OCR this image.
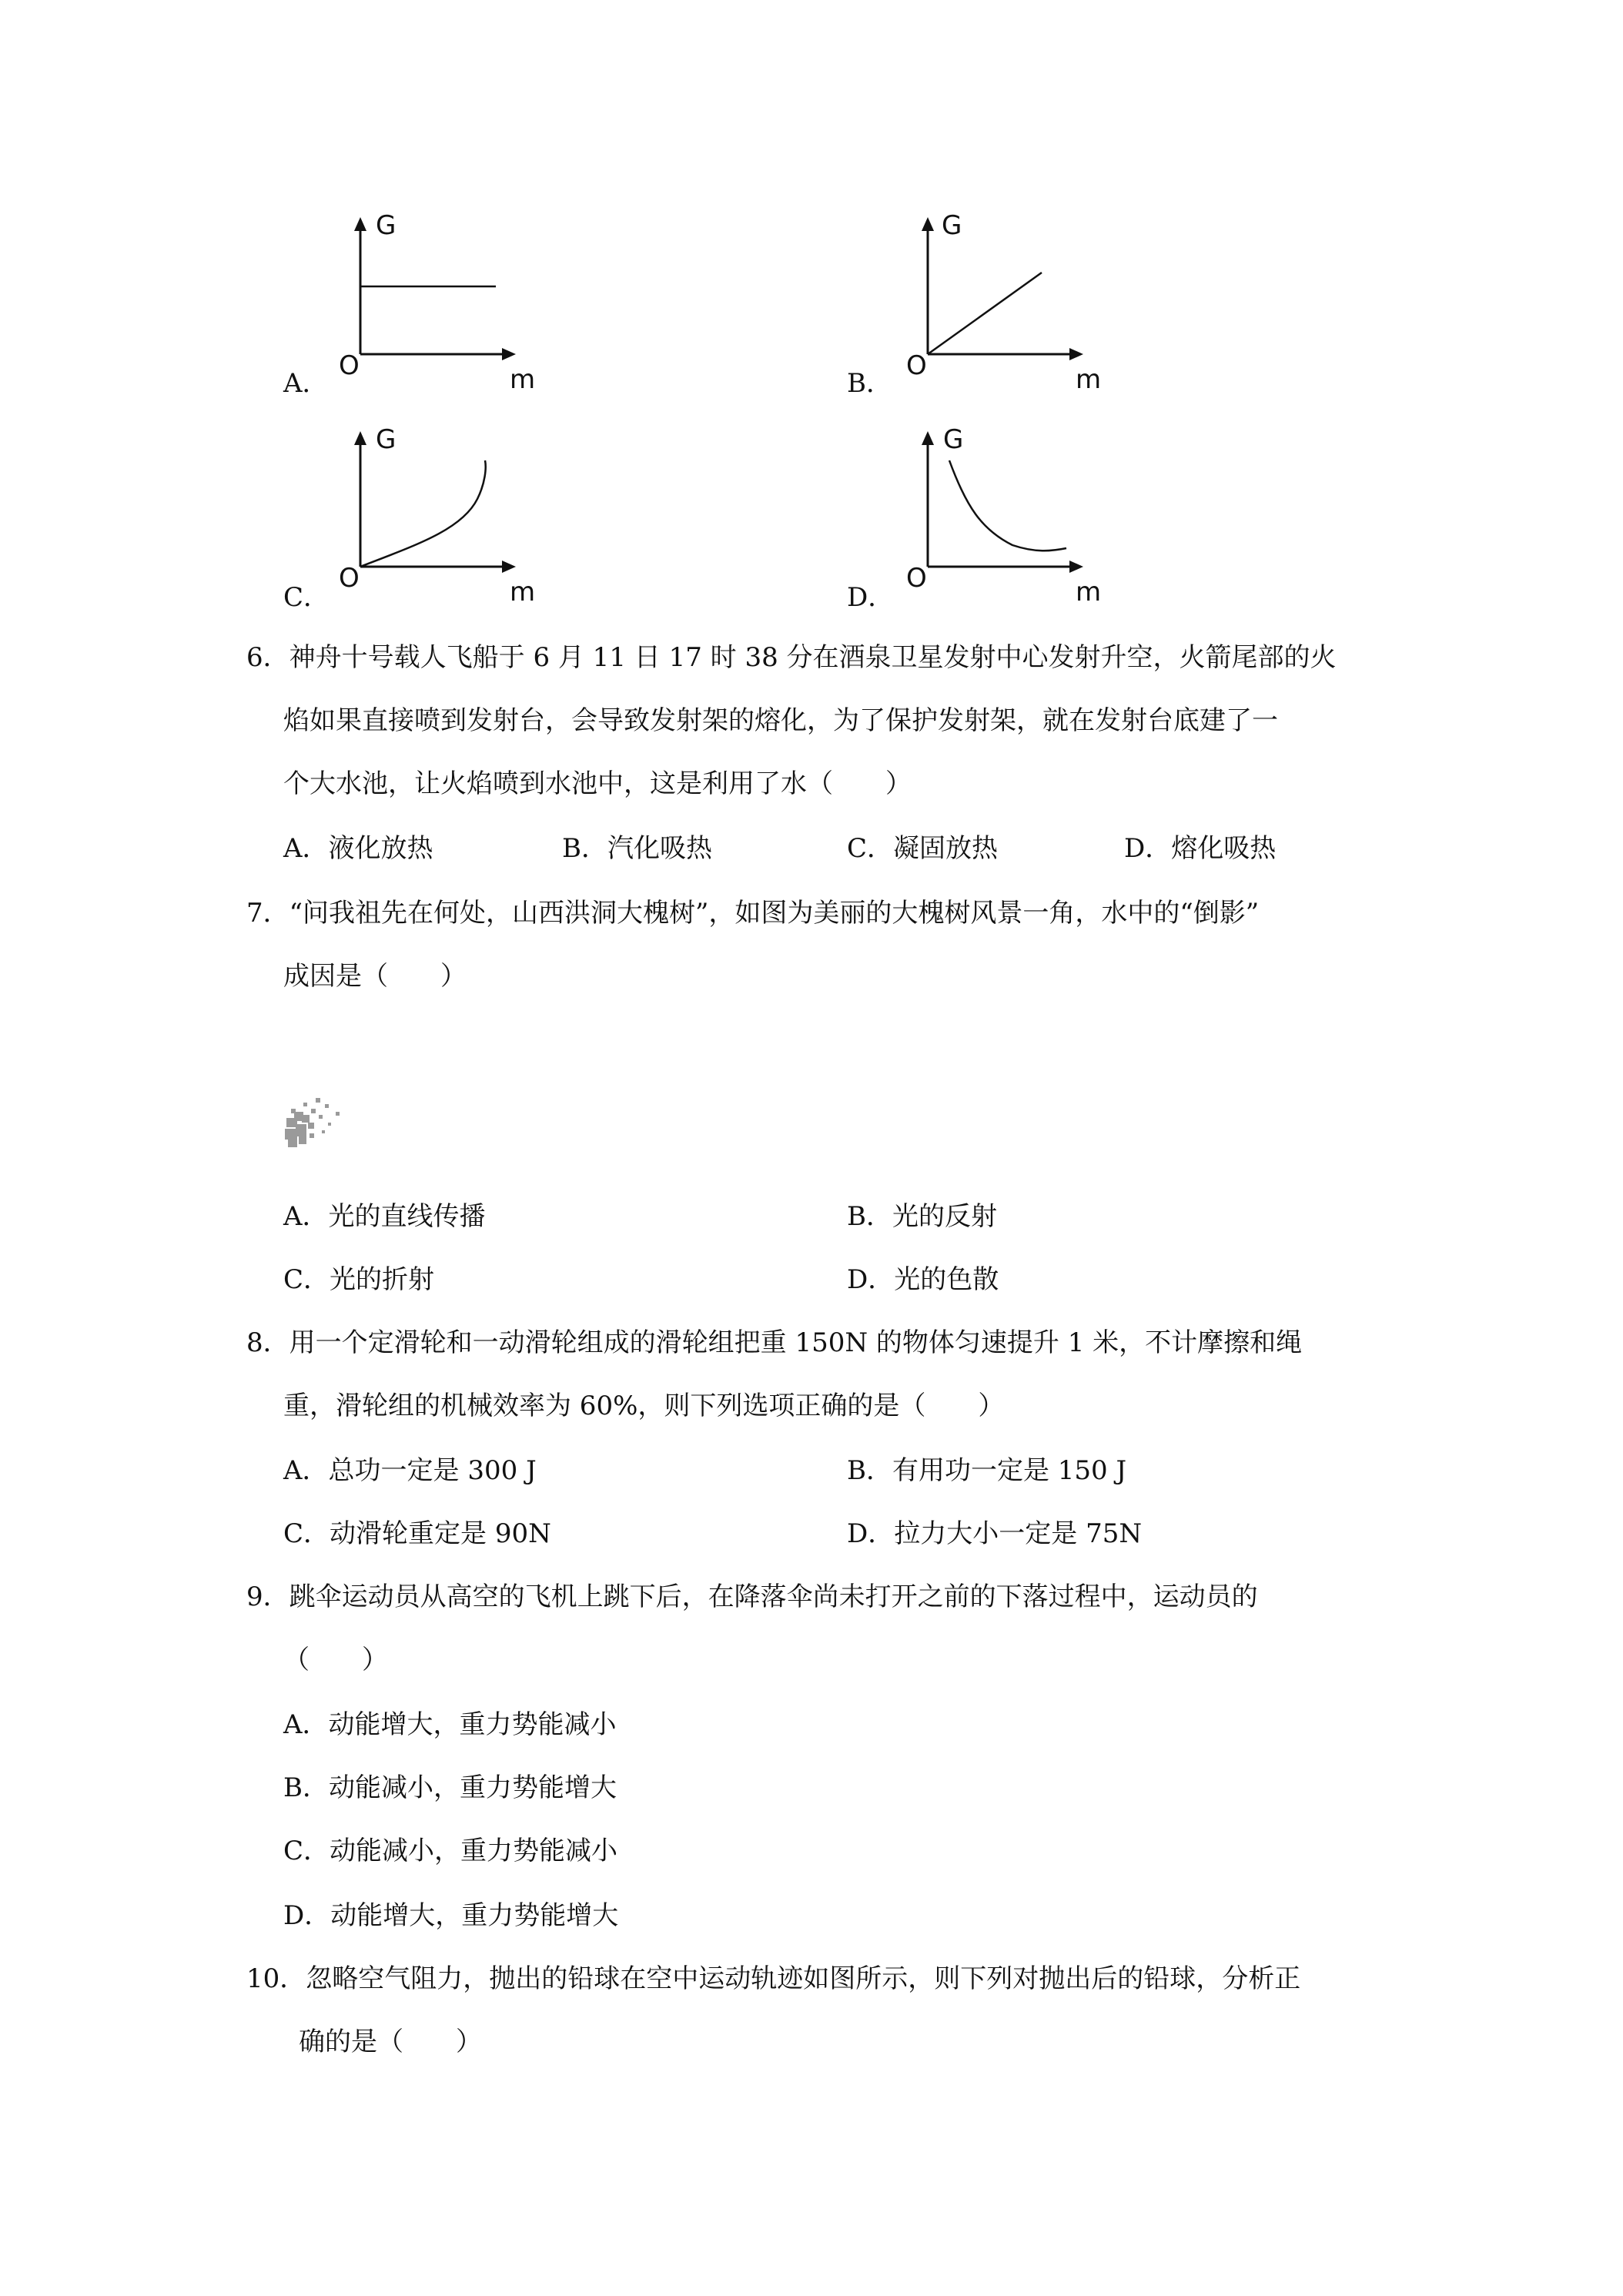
A．
G
O	m	B．
G
O	m
C．
G
O	m	D．
G
O	m
6．神舟十号载人飞船于 6 月 11 日 17 时 38 分在酒泉卫星发射中心发射升空，火箭尾部的火
焰如果直接喷到发射台，会导致发射架的熔化，为了保护发射架，就在发射台底建了一
个大水池，让火焰喷到水池中，这是利用了水（　　）
A．液化放热	B．汽化吸热	C．凝固放热	D．熔化吸热
7．“问我祖先在何处，山西洪洞大槐树”，如图为美丽的大槐树风景一角，水中的“倒影”
成因是（　　）
A．光的直线传播	B．光的反射
C．光的折射	D．光的色散
8．用一个定滑轮和一动滑轮组成的滑轮组把重 150N 的物体匀速提升 1 米，不计摩擦和绳
重，滑轮组的机械效率为 60%，则下列选项正确的是（　　）
A．总功一定是 300 J	B．有用功一定是 150 J
C．动滑轮重定是 90N	D．拉力大小一定是 75N
9．跳伞运动员从高空的飞机上跳下后，在降落伞尚未打开之前的下落过程中，运动员的
（　　）
A．动能增大，重力势能减小
B．动能减小，重力势能增大
C．动能减小，重力势能减小
D．动能增大，重力势能增大
10．忽略空气阻力，抛出的铅球在空中运动轨迹如图所示，则下列对抛出后的铅球，分析正
确的是（　　）
